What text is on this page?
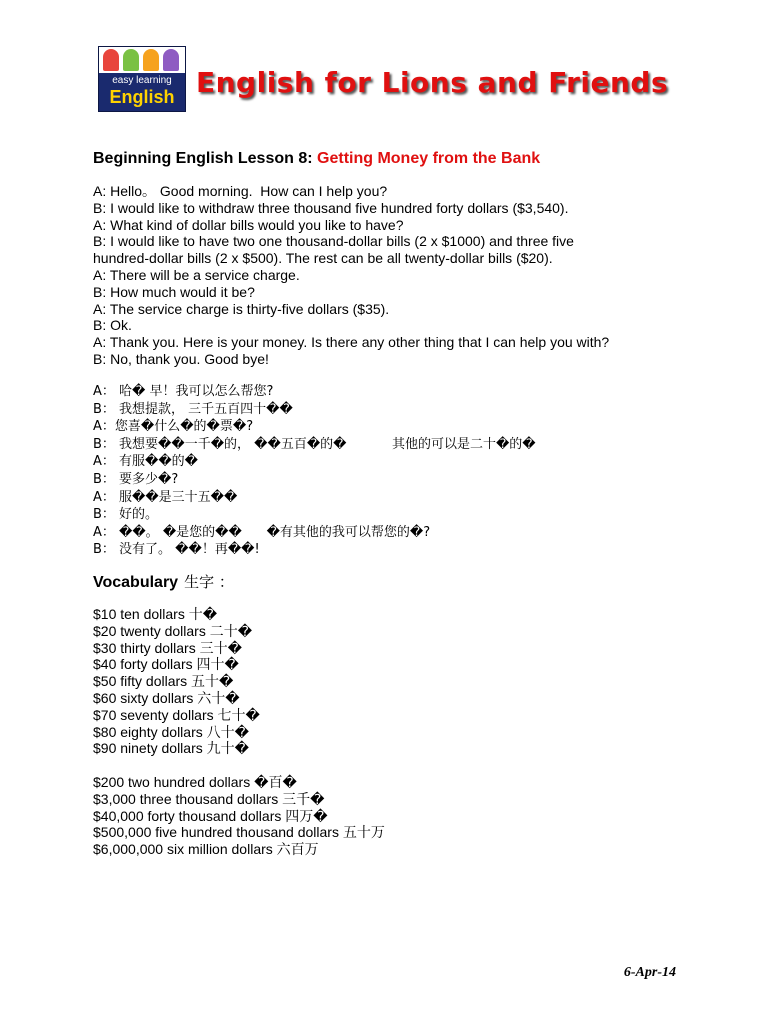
easy learning
English English for Lions and Friends
Beginning English Lesson 8: Getting Money from the Bank
A: Hello。 Good morning.  How can I help you?
B: I would like to withdraw three thousand five hundred forty dollars ($3,540).
A: What kind of dollar bills would you like to have?
B: I would like to have two one thousand-dollar bills (2 x $1000) and three five
hundred-dollar bills (2 x $500). The rest can be all twenty-dollar bills ($20).
A: There will be a service charge.
B: How much would it be?
A: The service charge is thirty-five dollars ($35).
B: Ok.
A: Thank you. Here is your money. Is there any other thing that I can help you with?
B: No, thank you. Good bye!
A： 哈� 早！我可以怎么帮您?
B： 我想提款， 三千五百四十��
A：您喜�什么�的�票�?
B： 我想要��一千�的， ��五百�的�           其他的可以是二十�的�
A： 有服��的�
B： 要多少�?
A： 服��是三十五��
B： 好的。
A： ��。 �是您的��      �有其他的我可以帮您的�?
B： 没有了。 ��！再��!
Vocabulary 生字 ：
$10 ten dollars 十�
$20 twenty dollars 二十�
$30 thirty dollars 三十�
$40 forty dollars 四十�
$50 fifty dollars 五十�
$60 sixty dollars 六十�
$70 seventy dollars 七十�
$80 eighty dollars 八十�
$90 ninety dollars 九十�
$200 two hundred dollars �百�
$3,000 three thousand dollars 三千�
$40,000 forty thousand dollars 四万�
$500,000 five hundred thousand dollars 五十万
$6,000,000 six million dollars 六百万
6-Apr-14
